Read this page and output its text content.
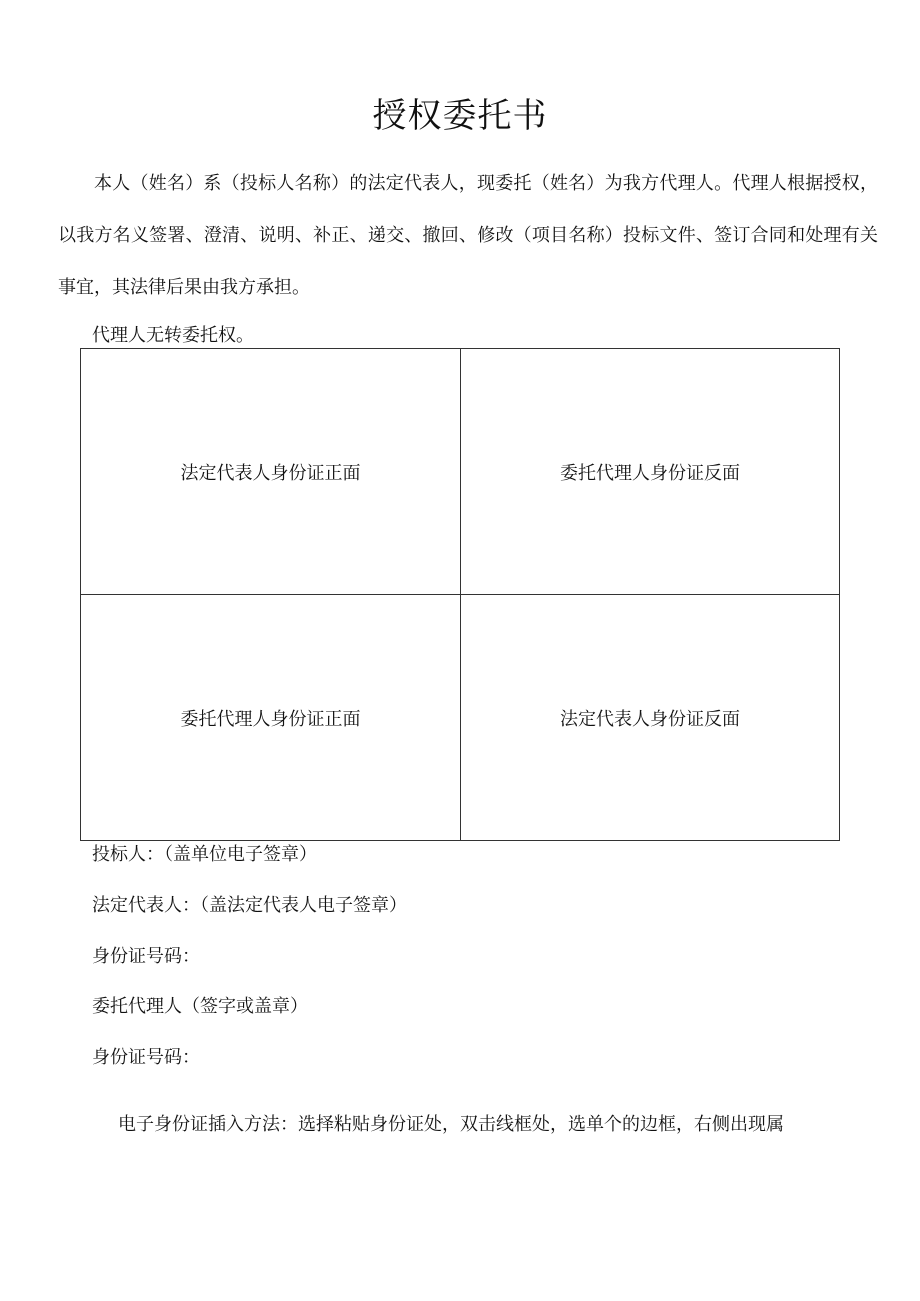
授权委托书

本人（姓名）系（投标人名称）的法定代表人，现委托（姓名）为我方代理人。代理人根据授权，以我方名义签署、澄清、说明、补正、递交、撤回、修改（项目名称）投标文件、签订合同和处理有关事宜，其法律后果由我方承担。

代理人无转委托权。
法定代表人身份证正面	委托代理人身份证反面
委托代理人身份证正面	法定代表人身份证反面
投标人：（盖单位电子签章）
法定代表人：（盖法定代表人电子签章）
身份证号码：
委托代理人（签字或盖章）
身份证号码：
电子身份证插入方法：选择粘贴身份证处，双击线框处，选单个的边框，右侧出现属
